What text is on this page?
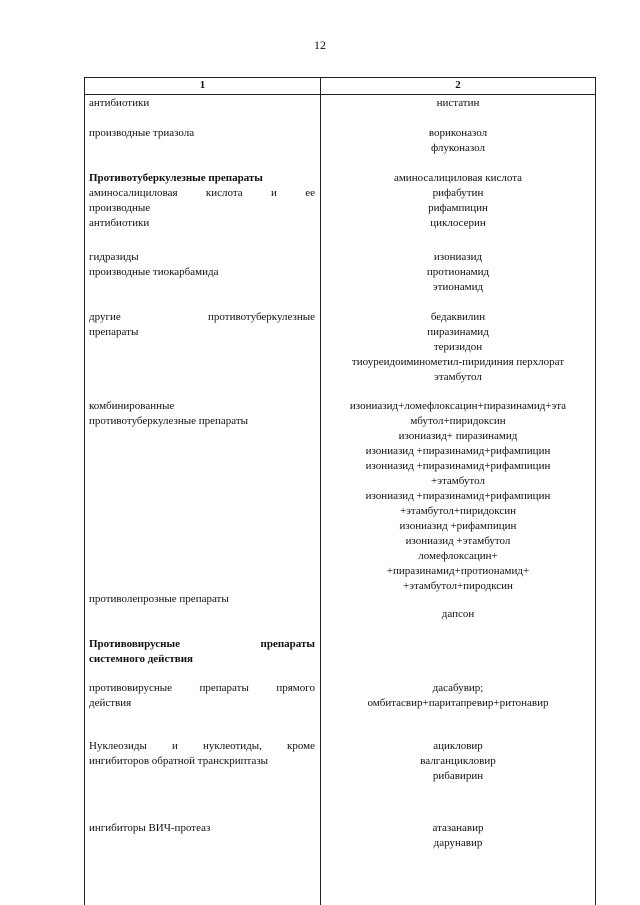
12
1	2
антибиотики
производные триазола
Противотуберкулезные препараты
аминосалициловая кислота и ее
производные
антибиотики
гидразиды
производные тиокарбамида
другие противотуберкулезные
препараты
комбинированные
противотуберкулезные препараты
противолепрозные препараты
Противовирусные препараты
системного действия
противовирусные препараты прямого
действия
Нуклеозиды и нуклеотиды, кроме
ингибиторов обратной транскриптазы
ингибиторы ВИЧ-протеаз
нистатин
вориконазол
флуконазол
аминосалициловая кислота
рифабутин
рифампицин
циклосерин
изониазид
протионамид
этионамид
бедаквилин
пиразинамид
теризидон
тиоуреидоиминометил-пиридиния перхлорат
этамбутол
изониазид+ломефлоксацин+пиразинамид+эта
мбутол+пиридоксин
изониазид+ пиразинамид
изониазид +пиразинамид+рифампицин
изониазид +пиразинамид+рифампицин
+этамбутол
изониазид +пиразинамид+рифампицин
+этамбутол+пиридоксин
изониазид +рифампицин
изониазид +этамбутол
ломефлоксацин+
+пиразинамид+протионамид+
+этамбутол+пиродксин
дапсон
дасабувир;
омбитасвир+паритапревир+ритонавир
ацикловир
валганцикловир
рибавирин
атазанавир
дарунавир
